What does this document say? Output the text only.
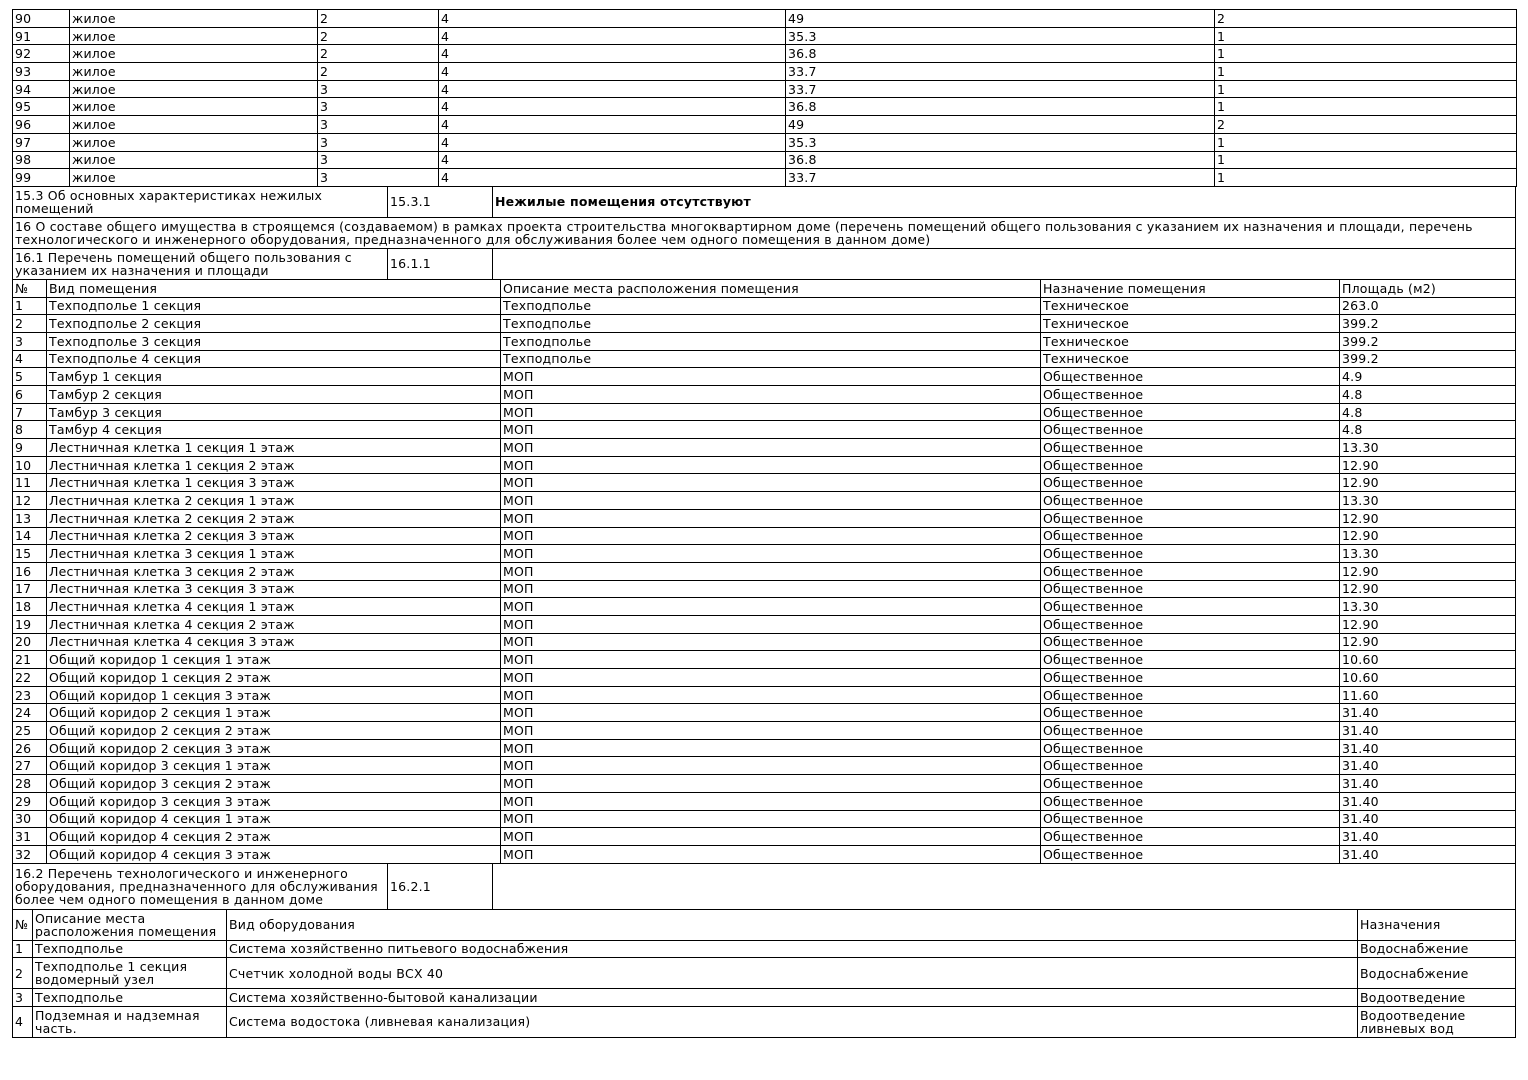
90	жилое	2	4	49	2
91	жилое	2	4	35.3	1
92	жилое	2	4	36.8	1
93	жилое	2	4	33.7	1
94	жилое	3	4	33.7	1
95	жилое	3	4	36.8	1
96	жилое	3	4	49	2
97	жилое	3	4	35.3	1
98	жилое	3	4	36.8	1
99	жилое	3	4	33.7	1
15.3 Об основных характеристиках нежилых помещений	15.3.1	Нежилые помещения отсутствуют
16 О составе общего имущества в строящемся (создаваемом) в рамках проекта строительства многоквартирном доме (перечень помещений общего пользования с указанием их назначения и площади, перечень технологического и инженерного оборудования, предназначенного для обслуживания более чем одного помещения в данном доме)
16.1 Перечень помещений общего пользования с указанием их назначения и площади	16.1.1	
№	Вид помещения	Описание места расположения помещения	Назначение помещения	Площадь (м2)
1	Техподполье 1 секция	Техподполье	Техническое	263.0
2	Техподполье 2 секция	Техподполье	Техническое	399.2
3	Техподполье 3 секция	Техподполье	Техническое	399.2
4	Техподполье 4 секция	Техподполье	Техническое	399.2
5	Тамбур 1 секция	МОП	Общественное	4.9
6	Тамбур 2 секция	МОП	Общественное	4.8
7	Тамбур 3 секция	МОП	Общественное	4.8
8	Тамбур 4 секция	МОП	Общественное	4.8
9	Лестничная клетка 1 секция 1 этаж	МОП	Общественное	13.30
10	Лестничная клетка 1 секция 2 этаж	МОП	Общественное	12.90
11	Лестничная клетка 1 секция 3 этаж	МОП	Общественное	12.90
12	Лестничная клетка 2 секция 1 этаж	МОП	Общественное	13.30
13	Лестничная клетка 2 секция 2 этаж	МОП	Общественное	12.90
14	Лестничная клетка 2 секция 3 этаж	МОП	Общественное	12.90
15	Лестничная клетка 3 секция 1 этаж	МОП	Общественное	13.30
16	Лестничная клетка 3 секция 2 этаж	МОП	Общественное	12.90
17	Лестничная клетка 3 секция 3 этаж	МОП	Общественное	12.90
18	Лестничная клетка 4 секция 1 этаж	МОП	Общественное	13.30
19	Лестничная клетка 4 секция 2 этаж	МОП	Общественное	12.90
20	Лестничная клетка 4 секция 3 этаж	МОП	Общественное	12.90
21	Общий коридор 1 секция 1 этаж	МОП	Общественное	10.60
22	Общий коридор 1 секция 2 этаж	МОП	Общественное	10.60
23	Общий коридор 1 секция 3 этаж	МОП	Общественное	11.60
24	Общий коридор 2 секция 1 этаж	МОП	Общественное	31.40
25	Общий коридор 2 секция 2 этаж	МОП	Общественное	31.40
26	Общий коридор 2 секция 3 этаж	МОП	Общественное	31.40
27	Общий коридор 3 секция 1 этаж	МОП	Общественное	31.40
28	Общий коридор 3 секция 2 этаж	МОП	Общественное	31.40
29	Общий коридор 3 секция 3 этаж	МОП	Общественное	31.40
30	Общий коридор 4 секция 1 этаж	МОП	Общественное	31.40
31	Общий коридор 4 секция 2 этаж	МОП	Общественное	31.40
32	Общий коридор 4 секция 3 этаж	МОП	Общественное	31.40
16.2 Перечень технологического и инженерного оборудования, предназначенного для обслуживания более чем одного помещения в данном доме	16.2.1	
№	Описание места расположения помещения	Вид оборудования	Назначения
1	Техподполье	Система хозяйственно питьевого водоснабжения	Водоснабжение
2	Техподполье 1 секция водомерный узел	Счетчик холодной воды ВСХ 40	Водоснабжение
3	Техподполье	Система хозяйственно-бытовой канализации	Водоотведение
4	Подземная и надземная часть.	Система водостока (ливневая канализация)	Водоотведение ливневых вод
